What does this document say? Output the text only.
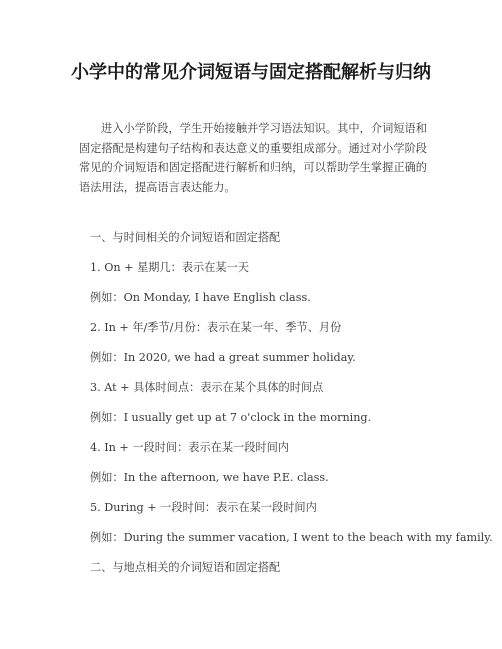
小学中的常见介词短语与固定搭配解析与归纳

进入小学阶段，学生开始接触并学习语法知识。其中，介词短语和固定搭配是构建句子结构和表达意义的重要组成部分。通过对小学阶段常见的介词短语和固定搭配进行解析和归纳，可以帮助学生掌握正确的语法用法，提高语言表达能力。

一、与时间相关的介词短语和固定搭配

1. On + 星期几：表示在某一天

例如：On Monday, I have English class.

2. In + 年/季节/月份：表示在某一年、季节、月份

例如：In 2020, we had a great summer holiday.

3. At + 具体时间点：表示在某个具体的时间点

例如：I usually get up at 7 o'clock in the morning.

4. In + 一段时间：表示在某一段时间内

例如：In the afternoon, we have P.E. class.

5. During + 一段时间：表示在某一段时间内

例如：During the summer vacation, I went to the beach with my family.

二、与地点相关的介词短语和固定搭配
